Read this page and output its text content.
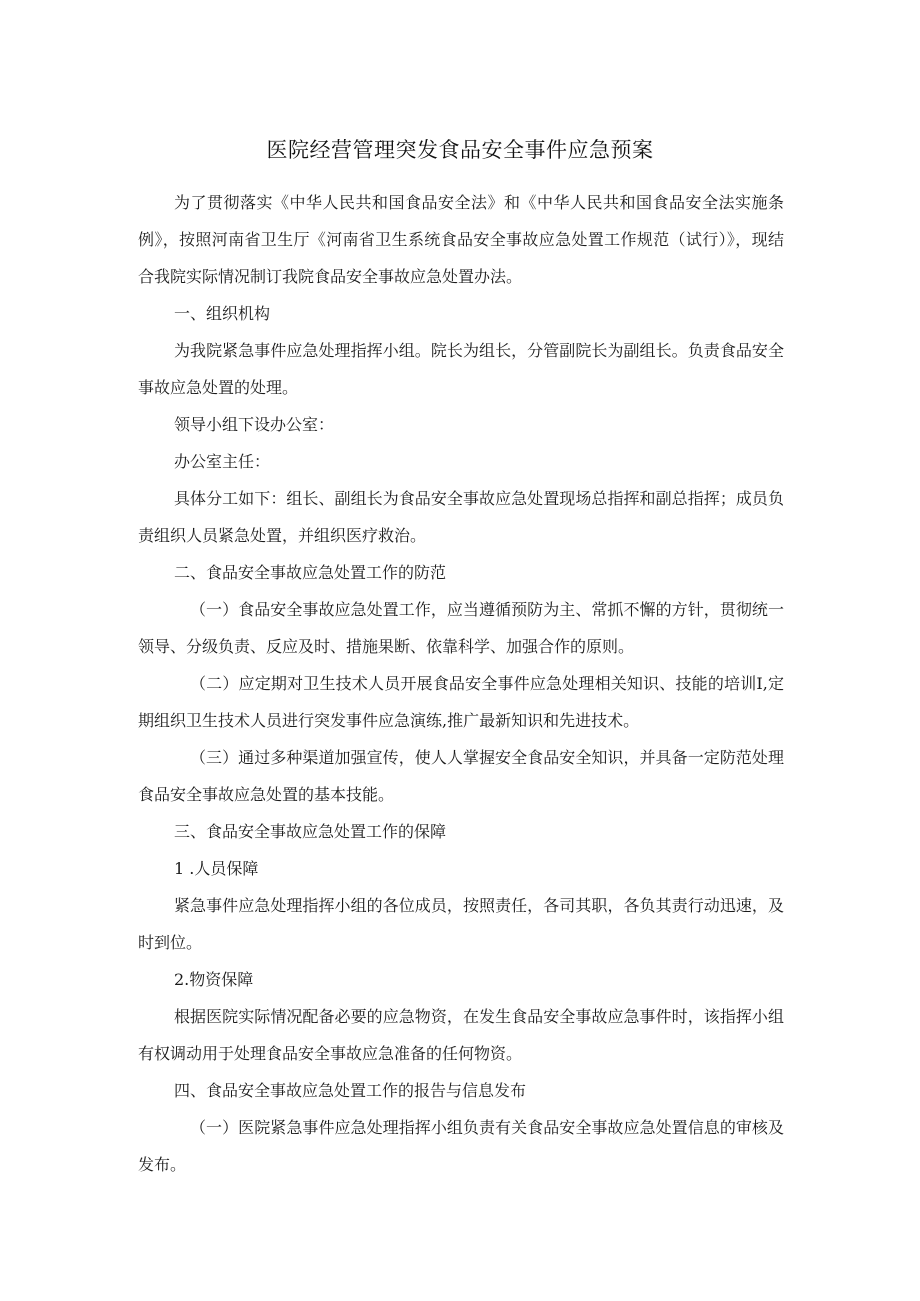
医院经营管理突发食品安全事件应急预案

为了贯彻落实《中华人民共和国食品安全法》和《中华人民共和国食品安全法实施条例》，按照河南省卫生厅《河南省卫生系统食品安全事故应急处置工作规范（试行）》，现结合我院实际情况制订我院食品安全事故应急处置办法。

一、组织机构

为我院紧急事件应急处理指挥小组。院长为组长，分管副院长为副组长。负责食品安全事故应急处置的处理。

领导小组下设办公室：

办公室主任：

具体分工如下：组长、副组长为食品安全事故应急处置现场总指挥和副总指挥；成员负责组织人员紧急处置，并组织医疗救治。

二、食品安全事故应急处置工作的防范

（一）食品安全事故应急处置工作，应当遵循预防为主、常抓不懈的方针，贯彻统一领导、分级负责、反应及时、措施果断、依靠科学、加强合作的原则。

（二）应定期对卫生技术人员开展食品安全事件应急处理相关知识、技能的培训I,定期组织卫生技术人员进行突发事件应急演练,推广最新知识和先进技术。

（三）通过多种渠道加强宣传，使人人掌握安全食品安全知识，并具备一定防范处理食品安全事故应急处置的基本技能。

三、食品安全事故应急处置工作的保障

1 .人员保障

紧急事件应急处理指挥小组的各位成员，按照责任，各司其职，各负其责行动迅速，及时到位。

2.物资保障

根据医院实际情况配备必要的应急物资，在发生食品安全事故应急事件时，该指挥小组有权调动用于处理食品安全事故应急准备的任何物资。

四、食品安全事故应急处置工作的报告与信息发布

（一）医院紧急事件应急处理指挥小组负责有关食品安全事故应急处置信息的审核及发布。
